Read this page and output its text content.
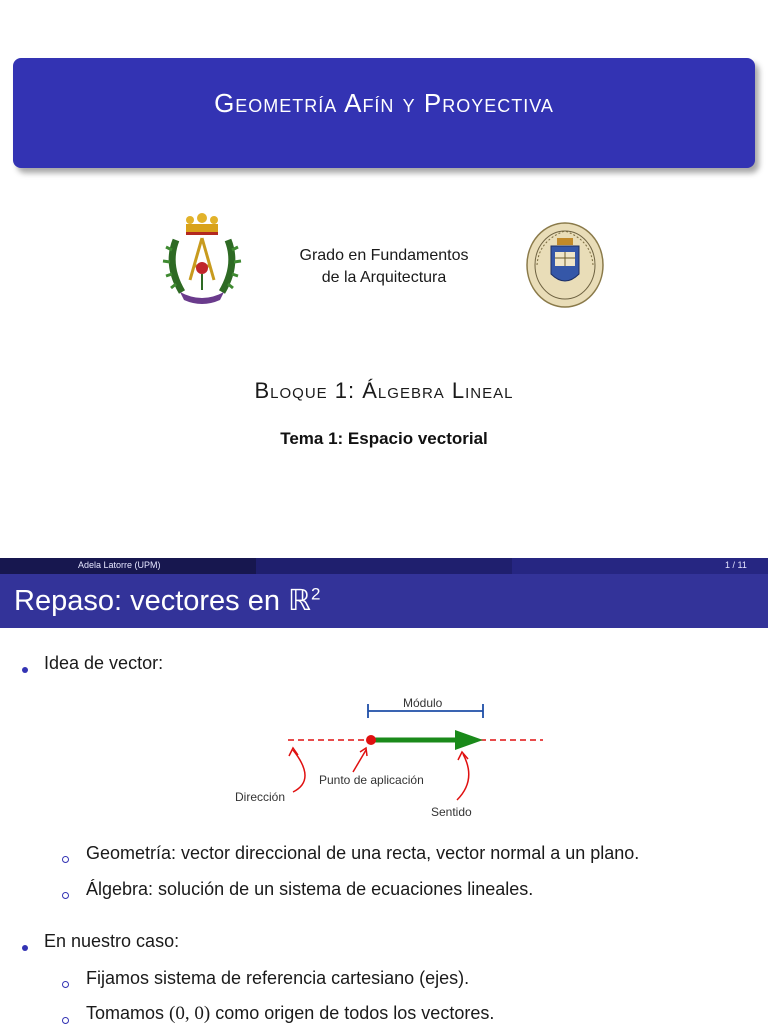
Geometría Afín y Proyectiva
Grado en Fundamentos
de la Arquitectura
Bloque 1: Álgebra Lineal
Tema 1: Espacio vectorial
Adela Latorre (UPM)	1 / 11
Repaso: vectores en ℝ$^2$
Idea de vector:
Módulo
Dirección
Punto de aplicación
Sentido
Geometría: vector direccional de una recta, vector normal a un plano.
Álgebra: solución de un sistema de ecuaciones lineales.
En nuestro caso:
Fijamos sistema de referencia cartesiano (ejes).
Tomamos (0, 0) como origen de todos los vectores.
